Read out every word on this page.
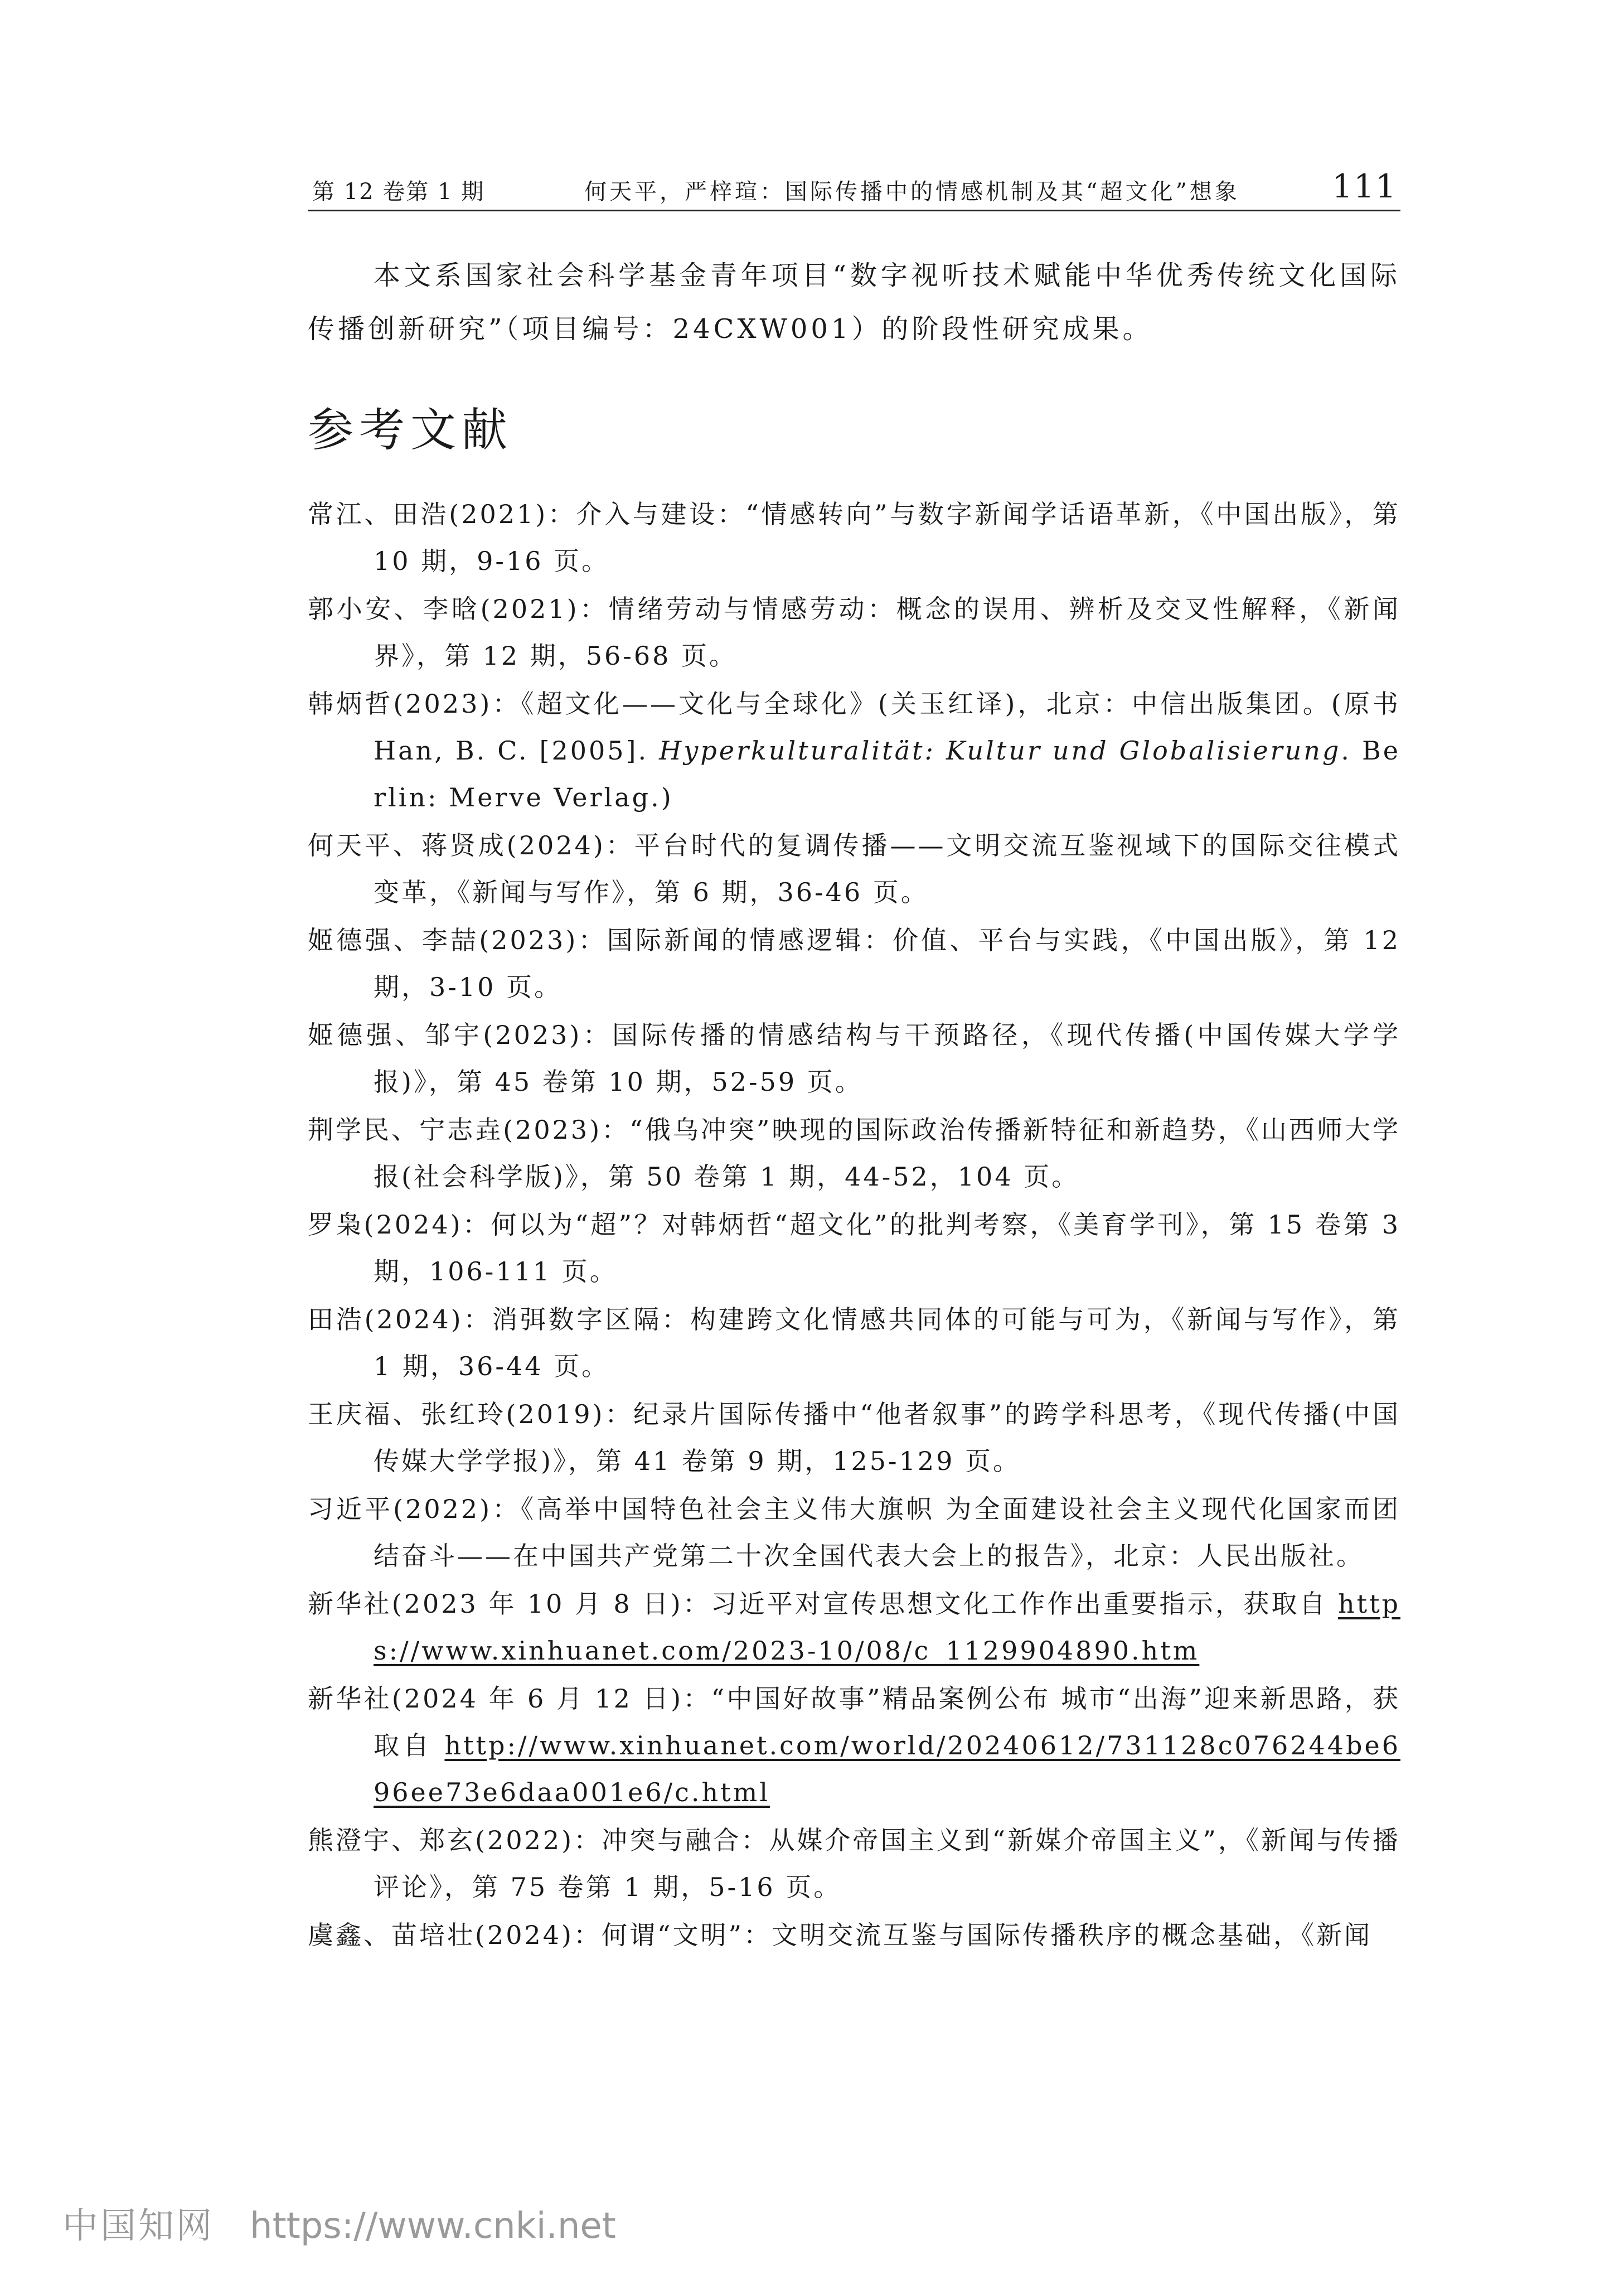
第 12 卷第 1 期	何天平，严梓瑄：国际传播中的情感机制及其“超文化”想象	111

本文系国家社会科学基金青年项目“数字视听技术赋能中华优秀传统文化国际传播创新研究”（项目编号：24CXW001）的阶段性研究成果。

参考文献
常江、田浩(2021)：介入与建设：“情感转向”与数字新闻学话语革新，《中国出版》，第 10 期，9-16 页。
郭小安、李晗(2021)：情绪劳动与情感劳动：概念的误用、辨析及交叉性解释，《新闻界》，第 12 期，56-68 页。
韩炳哲(2023)：《超文化——文化与全球化》(关玉红译)，北京：中信出版集团。(原书 Han, B. C. [2005]. Hyperkulturalität: Kultur und Globalisierung. Berlin: Merve Verlag.)
何天平、蒋贤成(2024)：平台时代的复调传播——文明交流互鉴视域下的国际交往模式变革，《新闻与写作》，第 6 期，36-46 页。
姬德强、李喆(2023)：国际新闻的情感逻辑：价值、平台与实践，《中国出版》，第 12 期，3-10 页。
姬德强、邹宇(2023)：国际传播的情感结构与干预路径，《现代传播(中国传媒大学学报)》，第 45 卷第 10 期，52-59 页。
荆学民、宁志垚(2023)：“俄乌冲突”映现的国际政治传播新特征和新趋势，《山西师大学报(社会科学版)》，第 50 卷第 1 期，44-52，104 页。
罗枭(2024)：何以为“超”？对韩炳哲“超文化”的批判考察，《美育学刊》，第 15 卷第 3 期，106-111 页。
田浩(2024)：消弭数字区隔：构建跨文化情感共同体的可能与可为，《新闻与写作》，第 1 期，36-44 页。
王庆福、张红玲(2019)：纪录片国际传播中“他者叙事”的跨学科思考，《现代传播(中国传媒大学学报)》，第 41 卷第 9 期，125-129 页。
习近平(2022)：《高举中国特色社会主义伟大旗帜 为全面建设社会主义现代化国家而团结奋斗——在中国共产党第二十次全国代表大会上的报告》，北京：人民出版社。
新华社(2023 年 10 月 8 日)：习近平对宣传思想文化工作作出重要指示，获取自 https://www.xinhuanet.com/2023-10/08/c_1129904890.htm
新华社(2024 年 6 月 12 日)：“中国好故事”精品案例公布 城市“出海”迎来新思路，获取自 http://www.xinhuanet.com/world/20240612/731128c076244be696ee73e6daa001e6/c.html
熊澄宇、郑玄(2022)：冲突与融合：从媒介帝国主义到“新媒介帝国主义”，《新闻与传播评论》，第 75 卷第 1 期，5-16 页。
虞鑫、苗培壮(2024)：何谓“文明”：文明交流互鉴与国际传播秩序的概念基础，《新闻
中国知网 https://www.cnki.net
